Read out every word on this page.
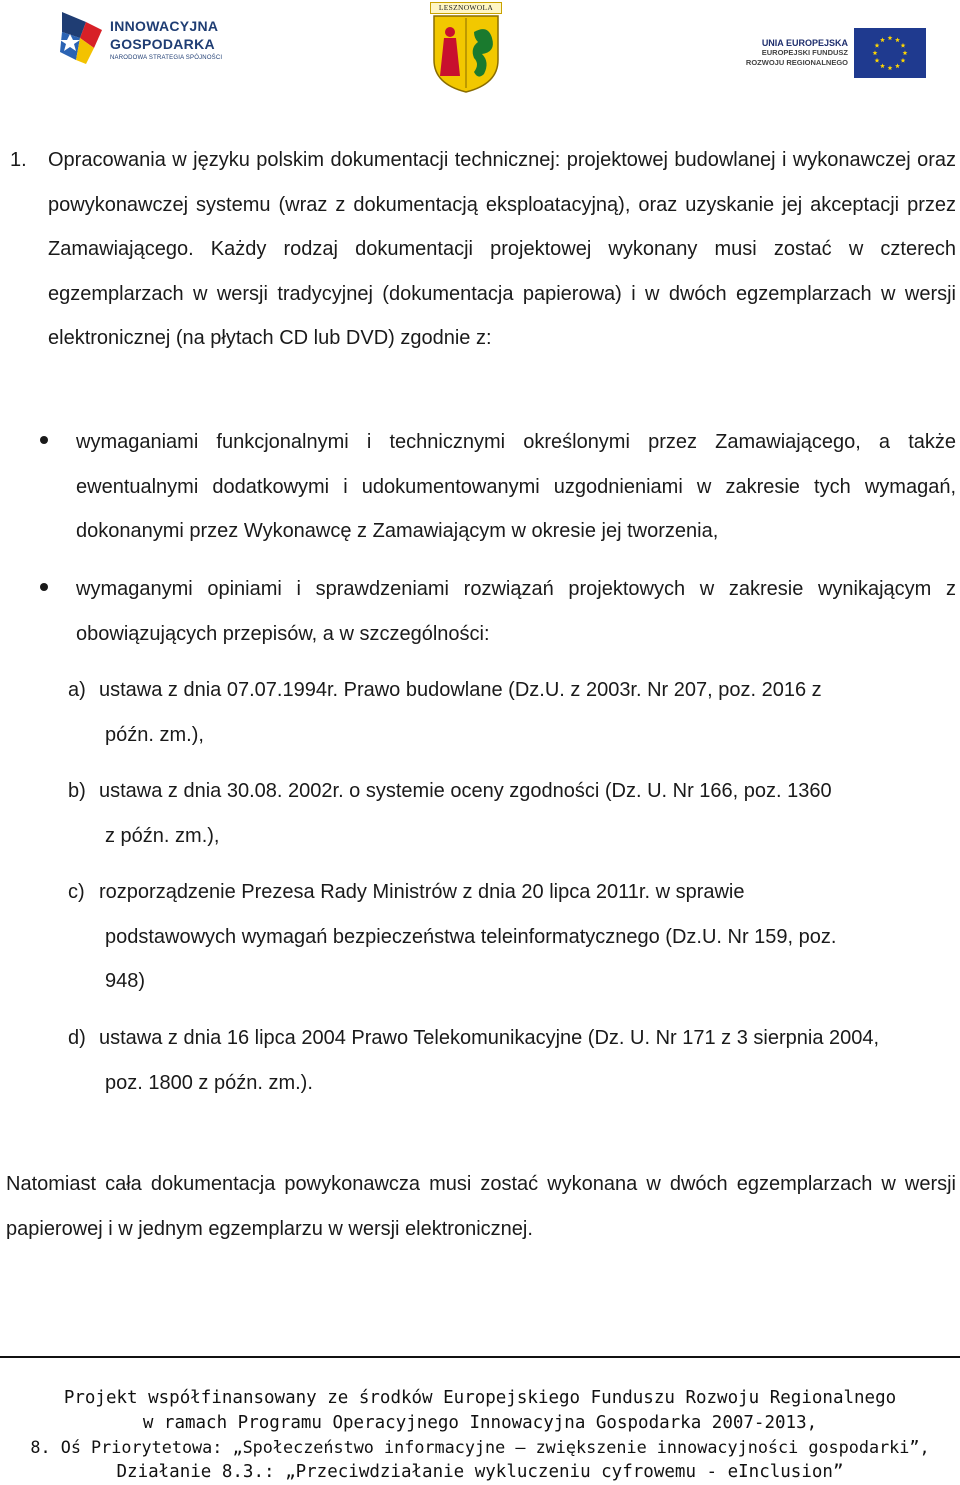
INNOWACYJNA
GOSPODARKA
NARODOWA STRATEGIA SPÓJNOŚCI
LESZNOWOLA
UNIA EUROPEJSKA
EUROPEJSKI FUNDUSZ
ROZWOJU REGIONALNEGO
1. Opracowania w języku polskim dokumentacji technicznej: projektowej budowlanej i wykonawczej oraz powykonawczej systemu (wraz z dokumentacją eksploatacyjną), oraz uzyskanie jej akceptacji przez Zamawiającego. Każdy rodzaj dokumentacji projektowej wykonany musi zostać w czterech egzemplarzach w wersji tradycyjnej (dokumentacja papierowa) i w dwóch egzemplarzach w wersji elektronicznej (na płytach CD lub DVD) zgodnie z:

wymaganiami funkcjonalnymi i technicznymi określonymi przez Zamawiającego, a także ewentualnymi dodatkowymi i udokumentowanymi uzgodnieniami w zakresie tych wymagań, dokonanymi przez Wykonawcę z Zamawiającym w okresie jej tworzenia,

wymaganymi opiniami i sprawdzeniami rozwiązań projektowych w zakresie wynikającym z obowiązujących przepisów, a w szczególności:

a) ustawa z dnia 07.07.1994r. Prawo budowlane (Dz.U. z 2003r. Nr 207, poz. 2016 z
późn. zm.),
b) ustawa z dnia 30.08. 2002r. o systemie oceny zgodności (Dz. U. Nr 166, poz. 1360
z późn. zm.),
c) rozporządzenie Prezesa Rady Ministrów z dnia 20 lipca 2011r. w sprawie
podstawowych wymagań bezpieczeństwa teleinformatycznego (Dz.U. Nr 159, poz.
948)
d) ustawa z dnia 16 lipca 2004 Prawo Telekomunikacyjne (Dz. U. Nr 171 z 3 sierpnia 2004,
poz. 1800 z późn. zm.).

Natomiast cała dokumentacja powykonawcza musi zostać wykonana w dwóch egzemplarzach w wersji papierowej i w jednym egzemplarzu w wersji elektronicznej.

Projekt współfinansowany ze środków Europejskiego Funduszu Rozwoju Regionalnego
w ramach Programu Operacyjnego Innowacyjna Gospodarka 2007-2013,
8. Oś Priorytetowa: „Społeczeństwo informacyjne – zwiększenie innowacyjności gospodarki”,
Działanie 8.3.: „Przeciwdziałanie wykluczeniu cyfrowemu - eInclusion”
